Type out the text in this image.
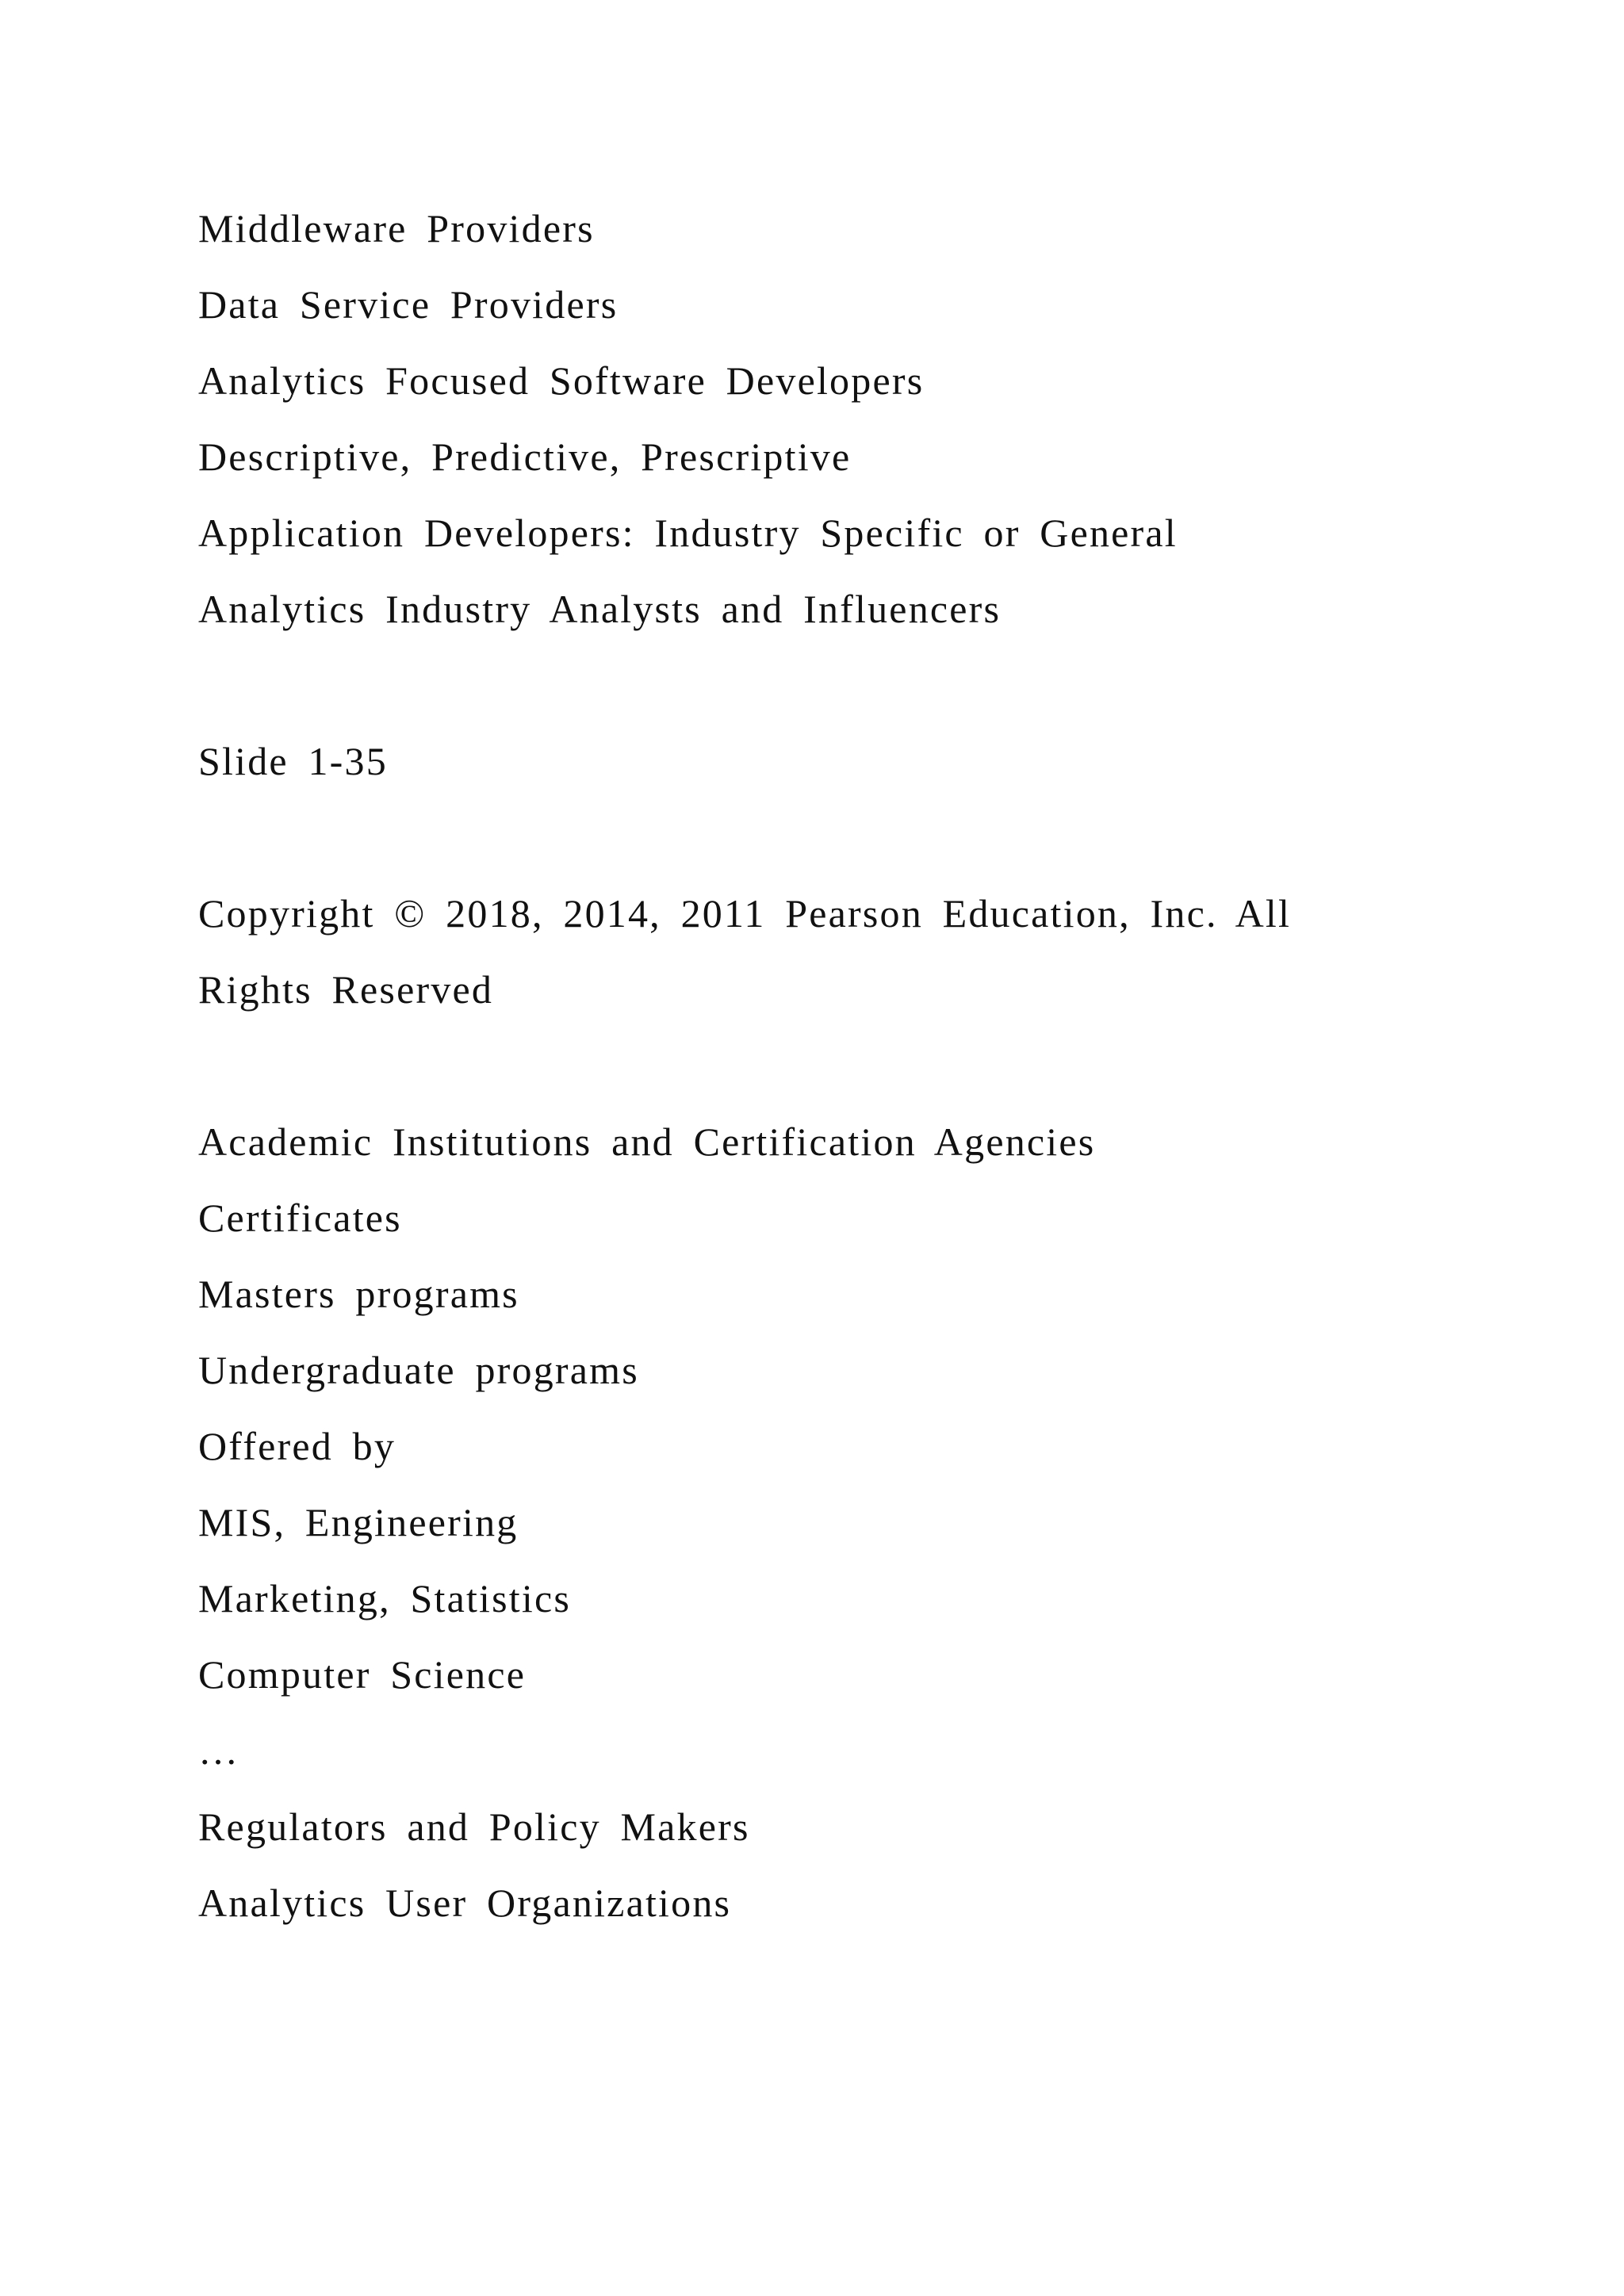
Middleware Providers
Data Service Providers
Analytics Focused Software Developers
Descriptive, Predictive, Prescriptive
Application Developers: Industry Specific or General
Analytics Industry Analysts and Influencers
Slide 1-35
Copyright © 2018, 2014, 2011 Pearson Education, Inc. All
Rights Reserved
Academic Institutions and Certification Agencies
Certificates
Masters programs
Undergraduate programs
Offered by
MIS, Engineering
Marketing, Statistics
Computer Science
…
Regulators and Policy Makers
Analytics User Organizations
